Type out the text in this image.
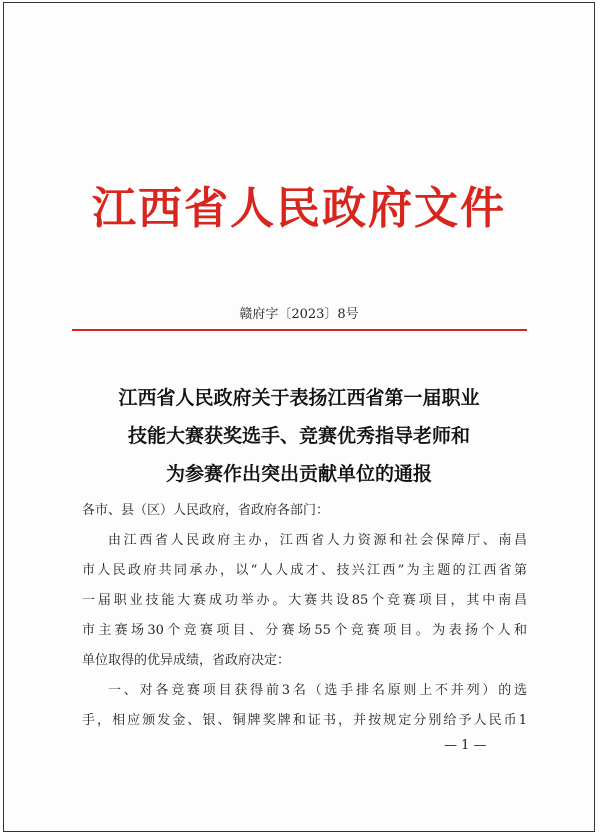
江西省人民政府文件
赣府字〔2023〕8号
江西省人民政府关于表扬江西省第一届职业
技能大赛获奖选手、竞赛优秀指导老师和
为参赛作出突出贡献单位的通报
各市、县（区）人民政府，省政府各部门：
由江西省人民政府主办，江西省人力资源和社会保障厅、南昌
市人民政府共同承办，以“人人成才、技兴江西”为主题的江西省第
一届职业技能大赛成功举办。大赛共设85个竞赛项目，其中南昌
市主赛场30个竞赛项目、分赛场55个竞赛项目。为表扬个人和
单位取得的优异成绩，省政府决定：
一、对各竞赛项目获得前3名（选手排名原则上不并列）的选
手，相应颁发金、银、铜牌奖牌和证书，并按规定分别给予人民币1
— 1 —
